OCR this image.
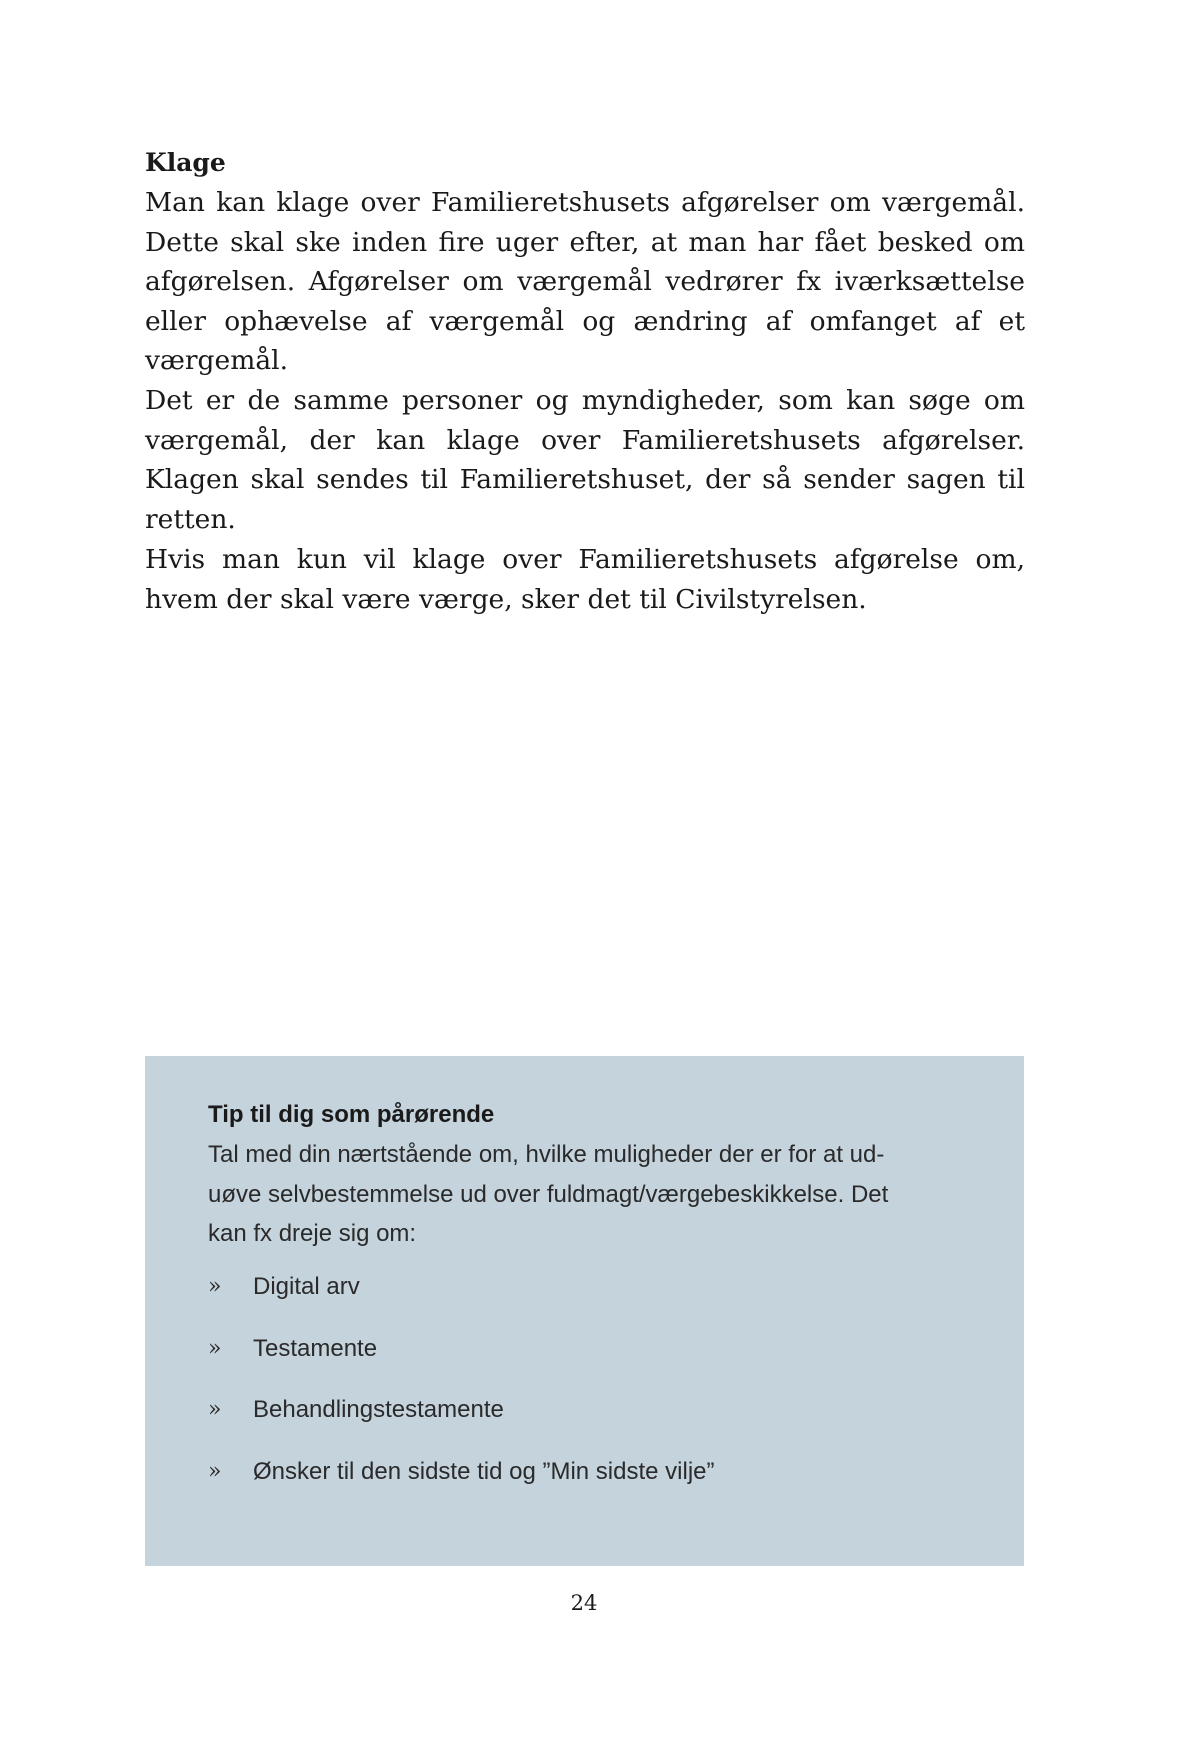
Klage

Man kan klage over Familieretshusets afgørelser om værgemål. Dette skal ske inden fire uger efter, at man har fået besked om afgørelsen. Afgørelser om værgemål vedrører fx iværksættelse eller ophævelse af værgemål og ændring af omfanget af et værgemål.

Det er de samme personer og myndigheder, som kan søge om værgemål, der kan klage over Familieretshusets afgørelser. Klagen skal sendes til Familieretshuset, der så sender sagen til retten.

Hvis man kun vil klage over Familieretshusets afgørelse om, hvem der skal være værge, sker det til Civilstyrelsen.

Tip til dig som pårørende

Tal med din nærtstående om, hvilke muligheder der er for at uduøve selvbestemmelse ud over fuldmagt/værgebeskikkelse. Det kan fx dreje sig om:

» Digital arv
» Testamente
» Behandlingstestamente
» Ønsker til den sidste tid og ”Min sidste vilje”

24
